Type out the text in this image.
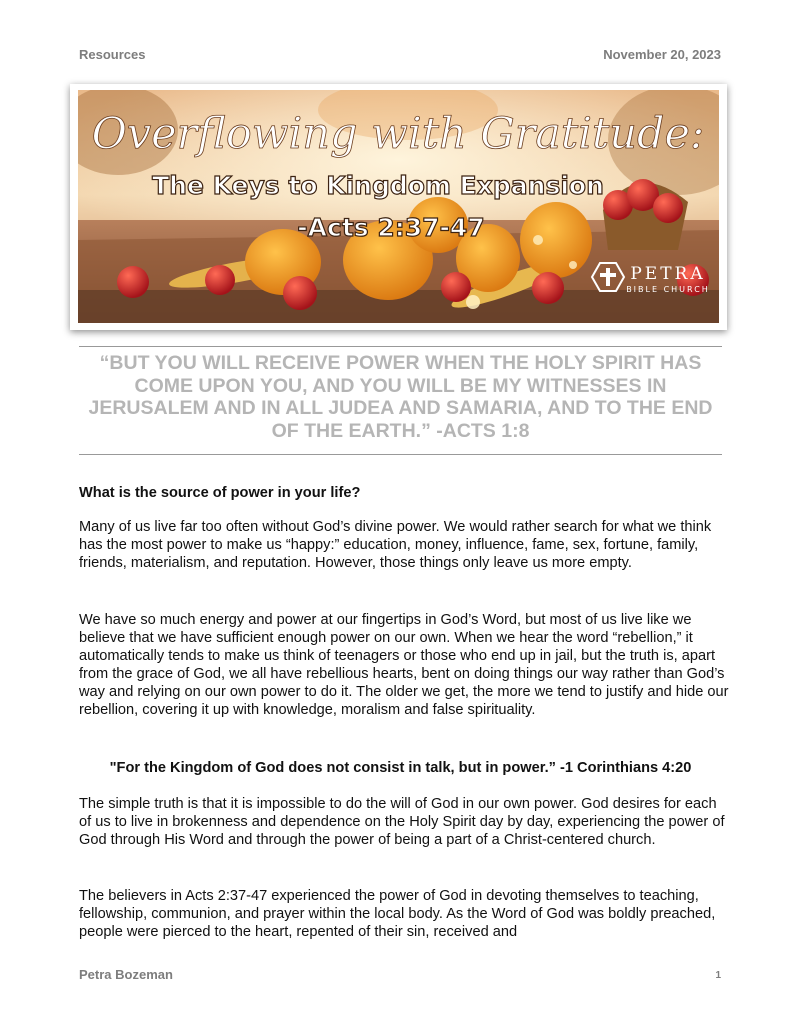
Resources	November 20, 2023
Overflowing with Gratitude:
The Keys to Kingdom Expansion
-Acts 2:37-47
PETRA
BIBLE CHURCH

“BUT YOU WILL RECEIVE POWER WHEN THE HOLY SPIRIT HAS COME UPON YOU, AND YOU WILL BE MY WITNESSES IN JERUSALEM AND IN ALL JUDEA AND SAMARIA, AND TO THE END OF THE EARTH.” -ACTS 1:8

What is the source of power in your life?

Many of us live far too often without God’s divine power. We would rather search for what we think has the most power to make us “happy:” education, money, influence, fame, sex, fortune, family, friends, materialism, and reputation. However, those things only leave us more empty.

We have so much energy and power at our fingertips in God’s Word, but most of us live like we believe that we have sufficient enough power on our own. When we hear the word “rebellion,” it automatically tends to make us think of teenagers or those who end up in jail, but the truth is, apart from the grace of God, we all have rebellious hearts, bent on doing things our way rather than God’s way and relying on our own power to do it. The older we get, the more we tend to justify and hide our rebellion, covering it up with knowledge, moralism and false spirituality.

"For the Kingdom of God does not consist in talk, but in power.” -1 Corinthians 4:20

The simple truth is that it is impossible to do the will of God in our own power. God desires for each of us to live in brokenness and dependence on the Holy Spirit day by day, experiencing the power of God through His Word and through the power of being a part of a Christ-centered church.

The believers in Acts 2:37-47 experienced the power of God in devoting themselves to teaching, fellowship, communion, and prayer within the local body. As the Word of God was boldly preached, people were pierced to the heart, repented of their sin, received and

Petra Bozeman	1
